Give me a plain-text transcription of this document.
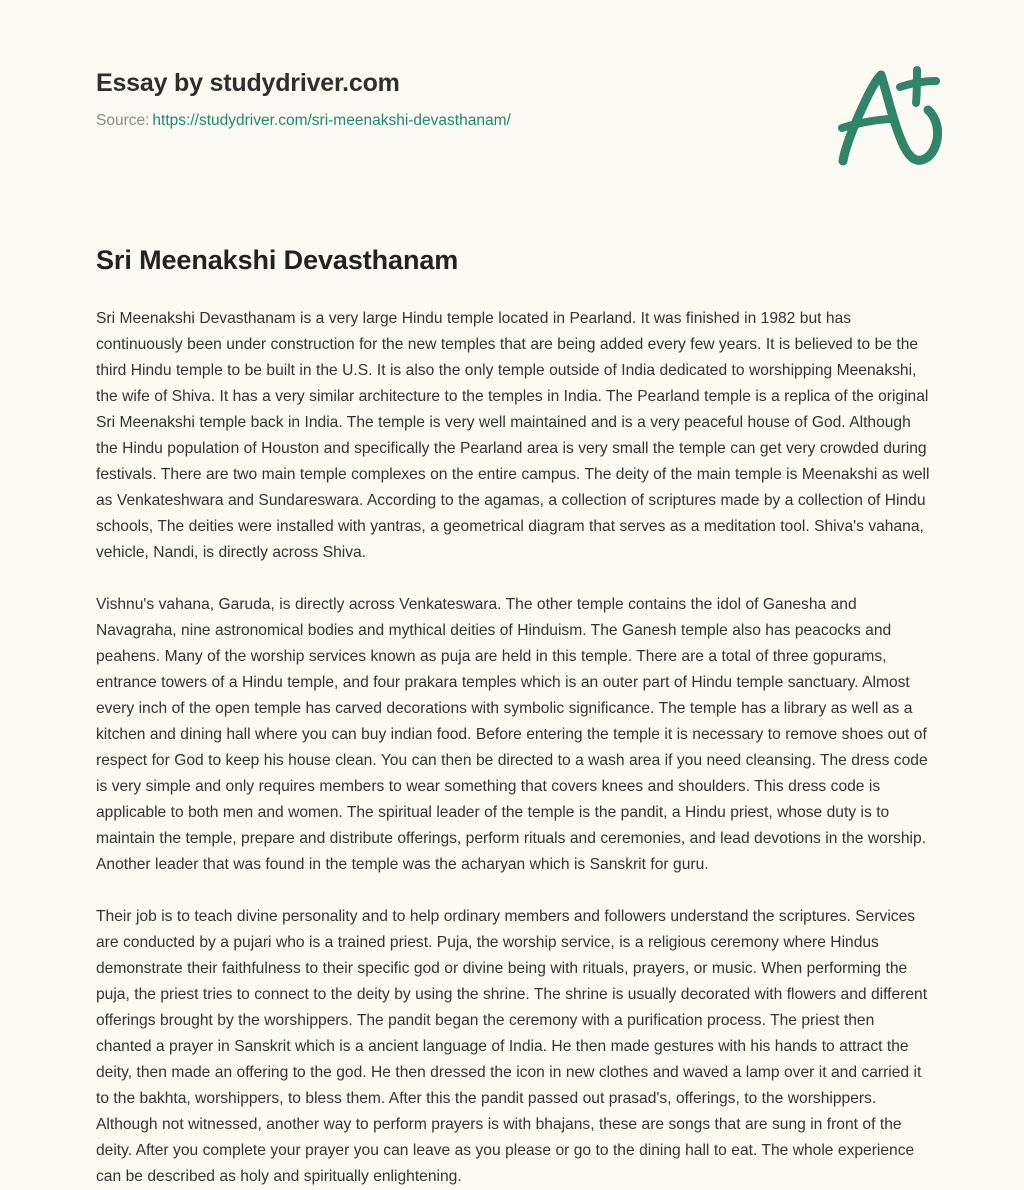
Essay by studydriver.com

Source: https://studydriver.com/sri-meenakshi-devasthanam/

Sri Meenakshi Devasthanam

Sri Meenakshi Devasthanam is a very large Hindu temple located in Pearland. It was finished in 1982 but has continuously been under construction for the new temples that are being added every few years. It is believed to be the third Hindu temple to be built in the U.S. It is also the only temple outside of India dedicated to worshipping Meenakshi, the wife of Shiva. It has a very similar architecture to the temples in India. The Pearland temple is a replica of the original Sri Meenakshi temple back in India. The temple is very well maintained and is a very peaceful house of God. Although the Hindu population of Houston and specifically the Pearland area is very small the temple can get very crowded during festivals. There are two main temple complexes on the entire campus. The deity of the main temple is Meenakshi as well as Venkateshwara and Sundareswara. According to the agamas, a collection of scriptures made by a collection of Hindu schools, The deities were installed with yantras, a geometrical diagram that serves as a meditation tool. Shiva's vahana, vehicle, Nandi, is directly across Shiva.

Vishnu's vahana, Garuda, is directly across Venkateswara. The other temple contains the idol of Ganesha and Navagraha, nine astronomical bodies and mythical deities of Hinduism. The Ganesh temple also has peacocks and peahens. Many of the worship services known as puja are held in this temple. There are a total of three gopurams, entrance towers of a Hindu temple, and four prakara temples which is an outer part of Hindu temple sanctuary. Almost every inch of the open temple has carved decorations with symbolic significance. The temple has a library as well as a kitchen and dining hall where you can buy indian food. Before entering the temple it is necessary to remove shoes out of respect for God to keep his house clean. You can then be directed to a wash area if you need cleansing. The dress code is very simple and only requires members to wear something that covers knees and shoulders. This dress code is applicable to both men and women. The spiritual leader of the temple is the pandit, a Hindu priest, whose duty is to maintain the temple, prepare and distribute offerings, perform rituals and ceremonies, and lead devotions in the worship. Another leader that was found in the temple was the acharyan which is Sanskrit for guru.

Their job is to teach divine personality and to help ordinary members and followers understand the scriptures. Services are conducted by a pujari who is a trained priest. Puja, the worship service, is a religious ceremony where Hindus demonstrate their faithfulness to their specific god or divine being with rituals, prayers, or music. When performing the puja, the priest tries to connect to the deity by using the shrine. The shrine is usually decorated with flowers and different offerings brought by the worshippers. The pandit began the ceremony with a purification process. The priest then chanted a prayer in Sanskrit which is a ancient language of India. He then made gestures with his hands to attract the deity, then made an offering to the god. He then dressed the icon in new clothes and waved a lamp over it and carried it to the bakhta, worshippers, to bless them. After this the pandit passed out prasad's, offerings, to the worshippers. Although not witnessed, another way to perform prayers is with bhajans, these are songs that are sung in front of the deity. After you complete your prayer you can leave as you please or go to the dining hall to eat. The whole experience can be described as holy and spiritually enlightening.
